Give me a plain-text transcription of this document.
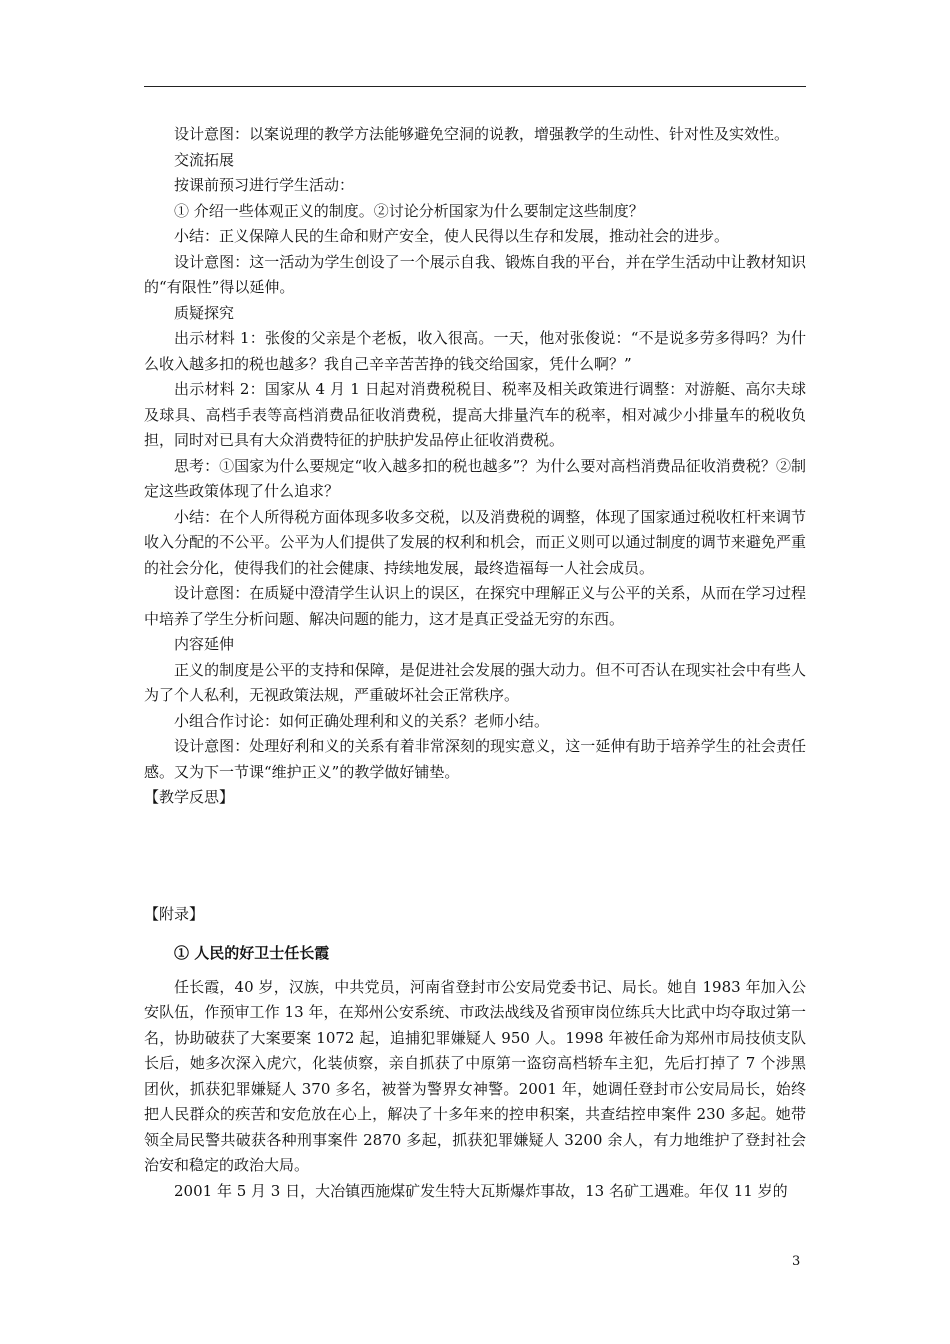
设计意图：以案说理的教学方法能够避免空洞的说教，增强教学的生动性、针对性及实效性。

交流拓展

按课前预习进行学生活动：

① 介绍一些体观正义的制度。②讨论分析国家为什么要制定这些制度？

小结：正义保障人民的生命和财产安全，使人民得以生存和发展，推动社会的进步。

设计意图：这一活动为学生创设了一个展示自我、锻炼自我的平台，并在学生活动中让教材知识的“有限性”得以延伸。

质疑探究

出示材料 1：张俊的父亲是个老板，收入很高。一天，他对张俊说：“不是说多劳多得吗？为什么收入越多扣的税也越多？我自己辛辛苦苦挣的钱交给国家，凭什么啊？”

出示材料 2：国家从 4 月 1 日起对消费税税目、税率及相关政策进行调整：对游艇、高尔夫球及球具、高档手表等高档消费品征收消费税，提高大排量汽车的税率，相对减少小排量车的税收负担，同时对已具有大众消费特征的护肤护发品停止征收消费税。

思考：①国家为什么要规定“收入越多扣的税也越多”？为什么要对高档消费品征收消费税？②制定这些政策体现了什么追求？

小结：在个人所得税方面体现多收多交税，以及消费税的调整，体现了国家通过税收杠杆来调节收入分配的不公平。公平为人们提供了发展的权利和机会，而正义则可以通过制度的调节来避免严重的社会分化，使得我们的社会健康、持续地发展，最终造福每一人社会成员。

设计意图：在质疑中澄清学生认识上的误区，在探究中理解正义与公平的关系，从而在学习过程中培养了学生分析问题、解决问题的能力，这才是真正受益无穷的东西。

内容延伸

正义的制度是公平的支持和保障，是促进社会发展的强大动力。但不可否认在现实社会中有些人为了个人私利，无视政策法规，严重破坏社会正常秩序。

小组合作讨论：如何正确处理利和义的关系？老师小结。

设计意图：处理好利和义的关系有着非常深刻的现实意义，这一延伸有助于培养学生的社会责任感。又为下一节课“维护正义”的教学做好铺垫。

【教学反思】

【附录】

① 人民的好卫士任长霞

任长霞，40 岁，汉族，中共党员，河南省登封市公安局党委书记、局长。她自 1983 年加入公安队伍，作预审工作 13 年，在郑州公安系统、市政法战线及省预审岗位练兵大比武中均夺取过第一名，协助破获了大案要案 1072 起，追捕犯罪嫌疑人 950 人。1998 年被任命为郑州市局技侦支队长后，她多次深入虎穴，化装侦察，亲自抓获了中原第一盗窃高档轿车主犯，先后打掉了 7 个涉黑团伙，抓获犯罪嫌疑人 370 多名，被誉为警界女神警。2001 年，她调任登封市公安局局长，始终把人民群众的疾苦和安危放在心上，解决了十多年来的控申积案，共查结控申案件 230 多起。她带领全局民警共破获各种刑事案件 2870 多起，抓获犯罪嫌疑人 3200 余人，有力地维护了登封社会治安和稳定的政治大局。

2001 年 5 月 3 日，大冶镇西施煤矿发生特大瓦斯爆炸事故，13 名矿工遇难。年仅 11 岁的

3
